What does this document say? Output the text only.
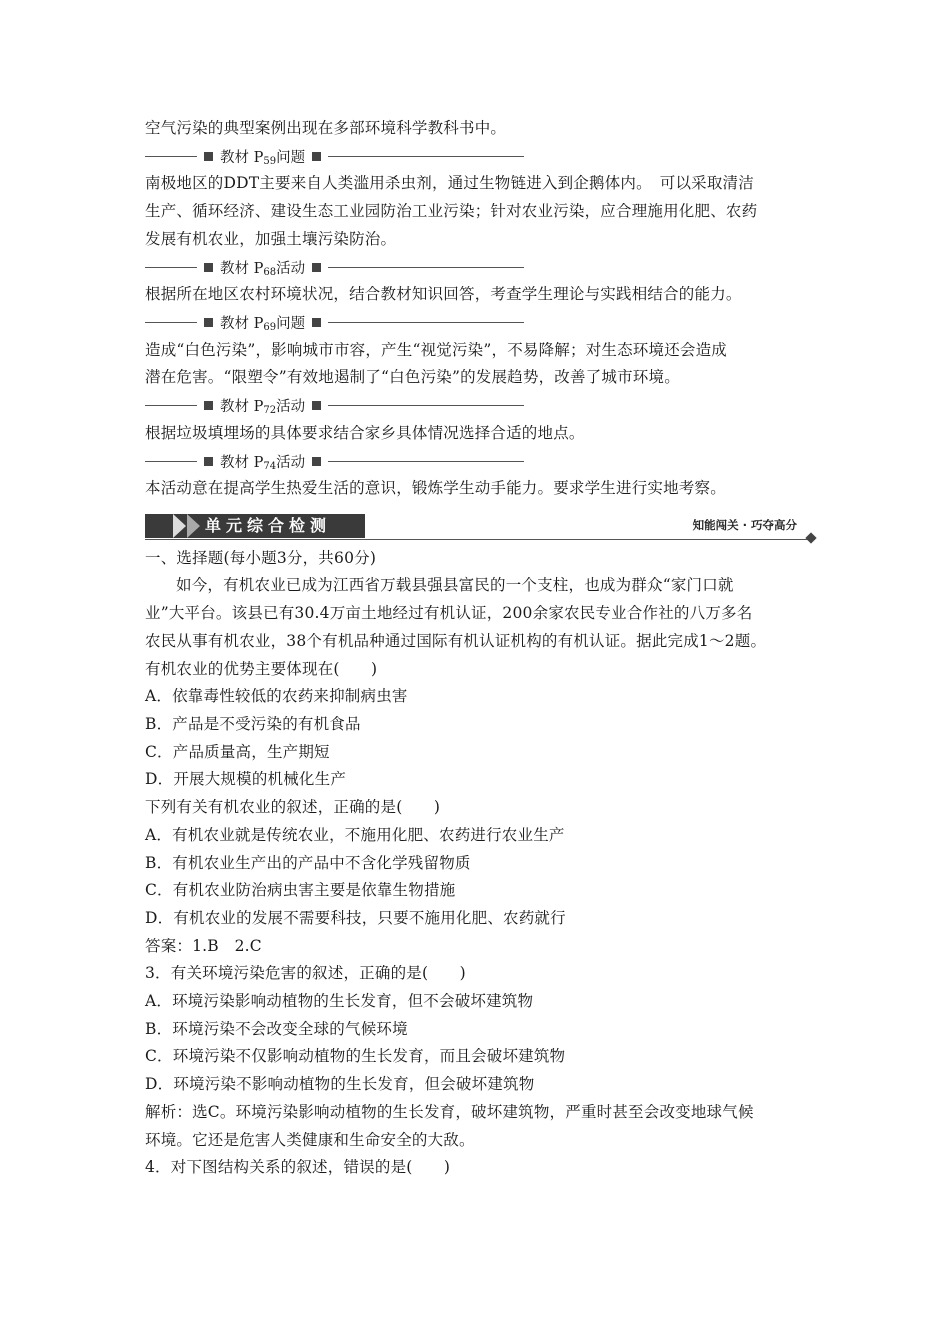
空气污染的典型案例出现在多部环境科学教科书中。
教材 $P_{59}$问题
南极地区的DDT主要来自人类滥用杀虫剂，通过生物链进入到企鹅体内。　可以采取清洁
生产、循环经济、建设生态工业园防治工业污染；针对农业污染，应合理施用化肥、农药
发展有机农业，加强土壤污染防治。
教材 $P_{68}$活动
根据所在地区农村环境状况，结合教材知识回答，考查学生理论与实践相结合的能力。
教材 $P_{69}$问题
造成“白色污染”，影响城市市容，产生“视觉污染”，不易降解；对生态环境还会造成
潜在危害。“限塑令”有效地遏制了“白色污染”的发展趋势，改善了城市环境。
教材 $P_{72}$活动
根据垃圾填埋场的具体要求结合家乡具体情况选择合适的地点。
教材 $P_{74}$活动
本活动意在提高学生热爱生活的意识，锻炼学生动手能力。要求学生进行实地考察。
单元综合检测	知能闯关 · 巧夺高分
一、选择题(每小题3分，共60分)
如今，有机农业已成为江西省万载县强县富民的一个支柱，也成为群众“家门口就
业”大平台。该县已有30.4万亩土地经过有机认证，200余家农民专业合作社的八万多名
农民从事有机农业，38个有机品种通过国际有机认证机构的有机认证。据此完成1～2题。
有机农业的优势主要体现在(　　)
A．依靠毒性较低的农药来抑制病虫害
B．产品是不受污染的有机食品
C．产品质量高，生产期短
D．开展大规模的机械化生产
下列有关有机农业的叙述，正确的是(　　)
A．有机农业就是传统农业，不施用化肥、农药进行农业生产
B．有机农业生产出的产品中不含化学残留物质
C．有机农业防治病虫害主要是依靠生物措施
D．有机农业的发展不需要科技，只要不施用化肥、农药就行
答案：1.B　2.C
3．有关环境污染危害的叙述，正确的是(　　)
A．环境污染影响动植物的生长发育，但不会破坏建筑物
B．环境污染不会改变全球的气候环境
C．环境污染不仅影响动植物的生长发育，而且会破坏建筑物
D．环境污染不影响动植物的生长发育，但会破坏建筑物
解析：选C。环境污染影响动植物的生长发育，破坏建筑物，严重时甚至会改变地球气候
环境。它还是危害人类健康和生命安全的大敌。
4．对下图结构关系的叙述，错误的是(　　)
